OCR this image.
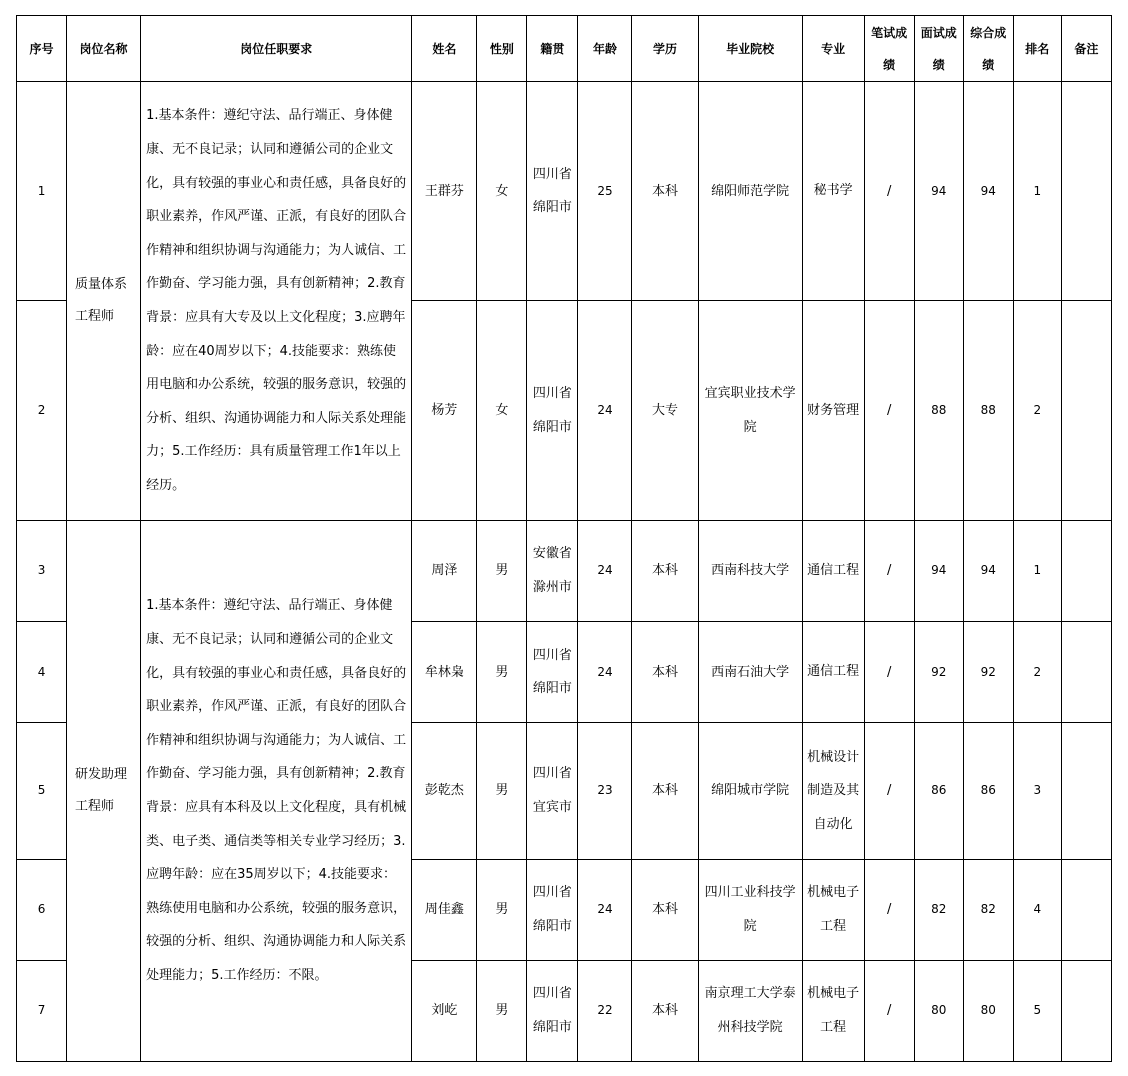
序号	岗位名称	岗位任职要求	姓名	性别	籍贯	年龄	学历	毕业院校	专业	笔试成绩	面试成绩	综合成绩	排名	备注
1	质量体系工程师	1.基本条件：遵纪守法、品行端正、身体健康、无不良记录；认同和遵循公司的企业文化，具有较强的事业心和责任感，具备良好的职业素养，作风严谨、正派，有良好的团队合作精神和组织协调与沟通能力；为人诚信、工作勤奋、学习能力强，具有创新精神；2.教育背景：应具有大专及以上文化程度；3.应聘年龄：应在40周岁以下；4.技能要求：熟练使用电脑和办公系统，较强的服务意识，较强的分析、组织、沟通协调能力和人际关系处理能力；5.工作经历：具有质量管理工作1年以上经历。	王群芬	女	四川省绵阳市	25	本科	绵阳师范学院	秘书学	/	94	94	1	
2			杨芳	女	四川省绵阳市	24	大专	宜宾职业技术学院	财务管理	/	88	88	2	
3	研发助理工程师	1.基本条件：遵纪守法、品行端正、身体健康、无不良记录；认同和遵循公司的企业文化，具有较强的事业心和责任感，具备良好的职业素养，作风严谨、正派，有良好的团队合作精神和组织协调与沟通能力；为人诚信、工作勤奋、学习能力强，具有创新精神；2.教育背景：应具有本科及以上文化程度，具有机械类、电子类、通信类等相关专业学习经历；3.应聘年龄：应在35周岁以下；4.技能要求：熟练使用电脑和办公系统，较强的服务意识，较强的分析、组织、沟通协调能力和人际关系处理能力；5.工作经历：不限。	周泽	男	安徽省滁州市	24	本科	西南科技大学	通信工程	/	94	94	1	
4			牟林枭	男	四川省绵阳市	24	本科	西南石油大学	通信工程	/	92	92	2	
5			彭乾杰	男	四川省宜宾市	23	本科	绵阳城市学院	机械设计制造及其自动化	/	86	86	3	
6			周佳鑫	男	四川省绵阳市	24	本科	四川工业科技学院	机械电子工程	/	82	82	4	
7			刘屹	男	四川省绵阳市	22	本科	南京理工大学泰州科技学院	机械电子工程	/	80	80	5	
